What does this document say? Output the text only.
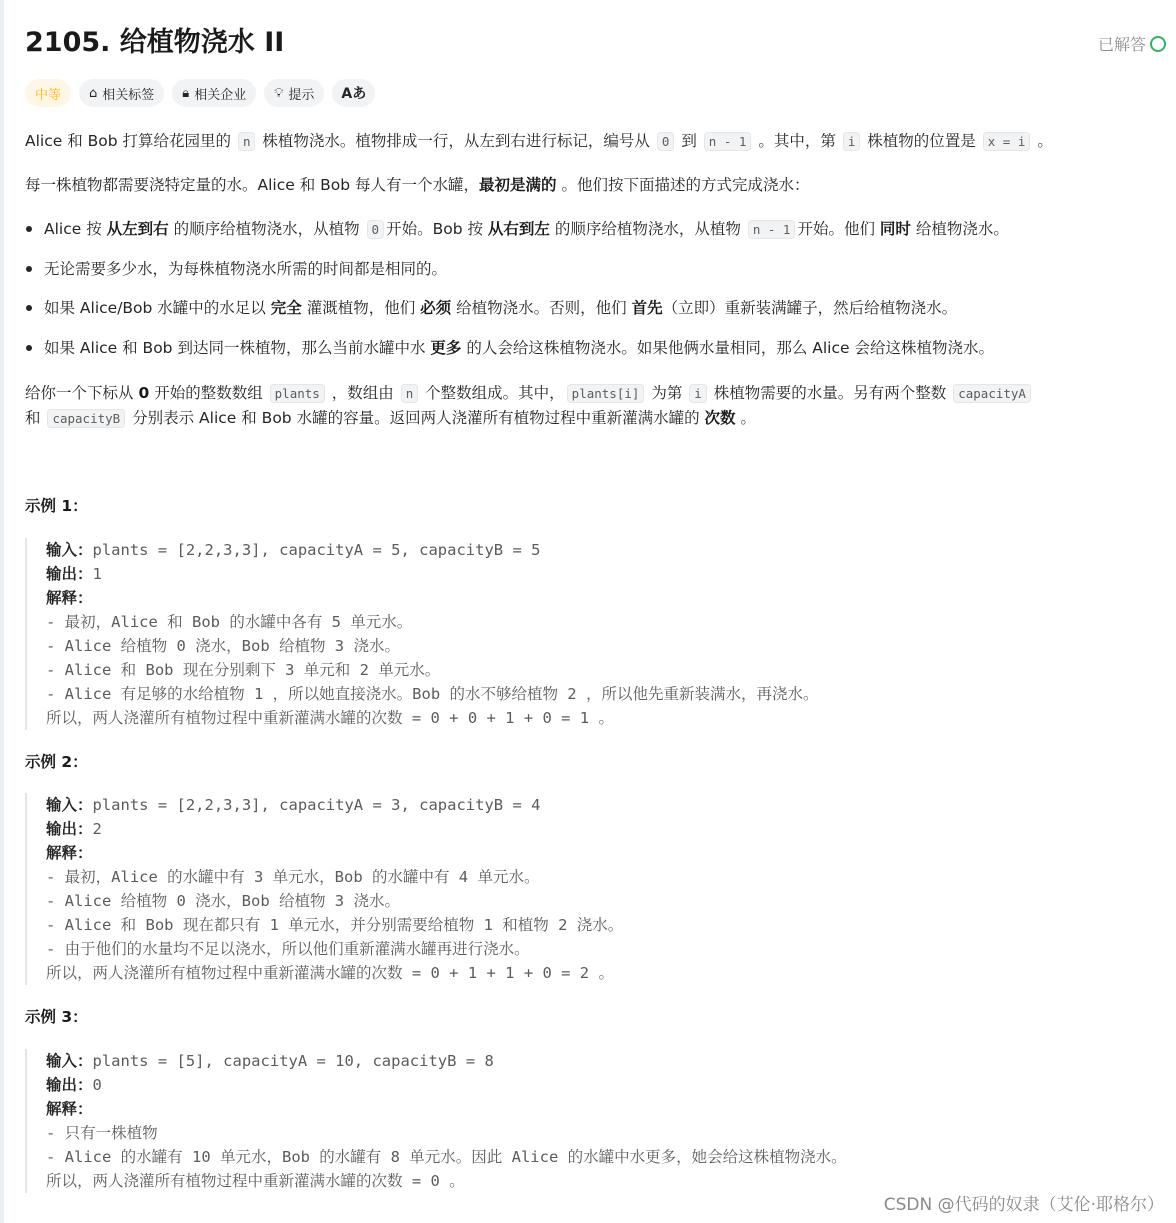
2105. 给植物浇水 II	已解答
中等	⌂ 相关标签 🔒︎ 相关企业 💡︎ 提示 Aあ

Alice 和 Bob 打算给花园里的 n 株植物浇水。植物排成一行，从左到右进行标记，编号从 0 到 n - 1 。其中，第 i 株植物的位置是 x = i 。

每一株植物都需要浇特定量的水。Alice 和 Bob 每人有一个水罐，最初是满的 。他们按下面描述的方式完成浇水：

Alice 按 从左到右 的顺序给植物浇水，从植物 0 开始。Bob 按 从右到左 的顺序给植物浇水，从植物 n - 1 开始。他们 同时 给植物浇水。
无论需要多少水，为每株植物浇水所需的时间都是相同的。
如果 Alice/Bob 水罐中的水足以 完全 灌溉植物，他们 必须 给植物浇水。否则，他们 首先（立即）重新装满罐子，然后给植物浇水。
如果 Alice 和 Bob 到达同一株植物，那么当前水罐中水 更多 的人会给这株植物浇水。如果他俩水量相同，那么 Alice 会给这株植物浇水。

给你一个下标从 0 开始的整数数组 plants ，数组由 n 个整数组成。其中， plants[i] 为第 i 株植物需要的水量。另有两个整数 capacityA

和 capacityB 分别表示 Alice 和 Bob 水罐的容量。返回两人浇灌所有植物过程中重新灌满水罐的 次数 。

示例 1：
输入：plants = [2,2,3,3], capacityA = 5, capacityB = 5
输出：1
解释：
- 最初，Alice 和 Bob 的水罐中各有 5 单元水。
- Alice 给植物 0 浇水，Bob 给植物 3 浇水。
- Alice 和 Bob 现在分别剩下 3 单元和 2 单元水。
- Alice 有足够的水给植物 1 ，所以她直接浇水。Bob 的水不够给植物 2 ，所以他先重新装满水，再浇水。
所以，两人浇灌所有植物过程中重新灌满水罐的次数 = 0 + 0 + 1 + 0 = 1 。
示例 2：
输入：plants = [2,2,3,3], capacityA = 3, capacityB = 4
输出：2
解释：
- 最初，Alice 的水罐中有 3 单元水，Bob 的水罐中有 4 单元水。
- Alice 给植物 0 浇水，Bob 给植物 3 浇水。
- Alice 和 Bob 现在都只有 1 单元水，并分别需要给植物 1 和植物 2 浇水。
- 由于他们的水量均不足以浇水，所以他们重新灌满水罐再进行浇水。
所以，两人浇灌所有植物过程中重新灌满水罐的次数 = 0 + 1 + 1 + 0 = 2 。
示例 3：
输入：plants = [5], capacityA = 10, capacityB = 8
输出：0
解释：
- 只有一株植物
- Alice 的水罐有 10 单元水，Bob 的水罐有 8 单元水。因此 Alice 的水罐中水更多，她会给这株植物浇水。
所以，两人浇灌所有植物过程中重新灌满水罐的次数 = 0 。
CSDN @代码的奴隶（艾伦·耶格尔）
